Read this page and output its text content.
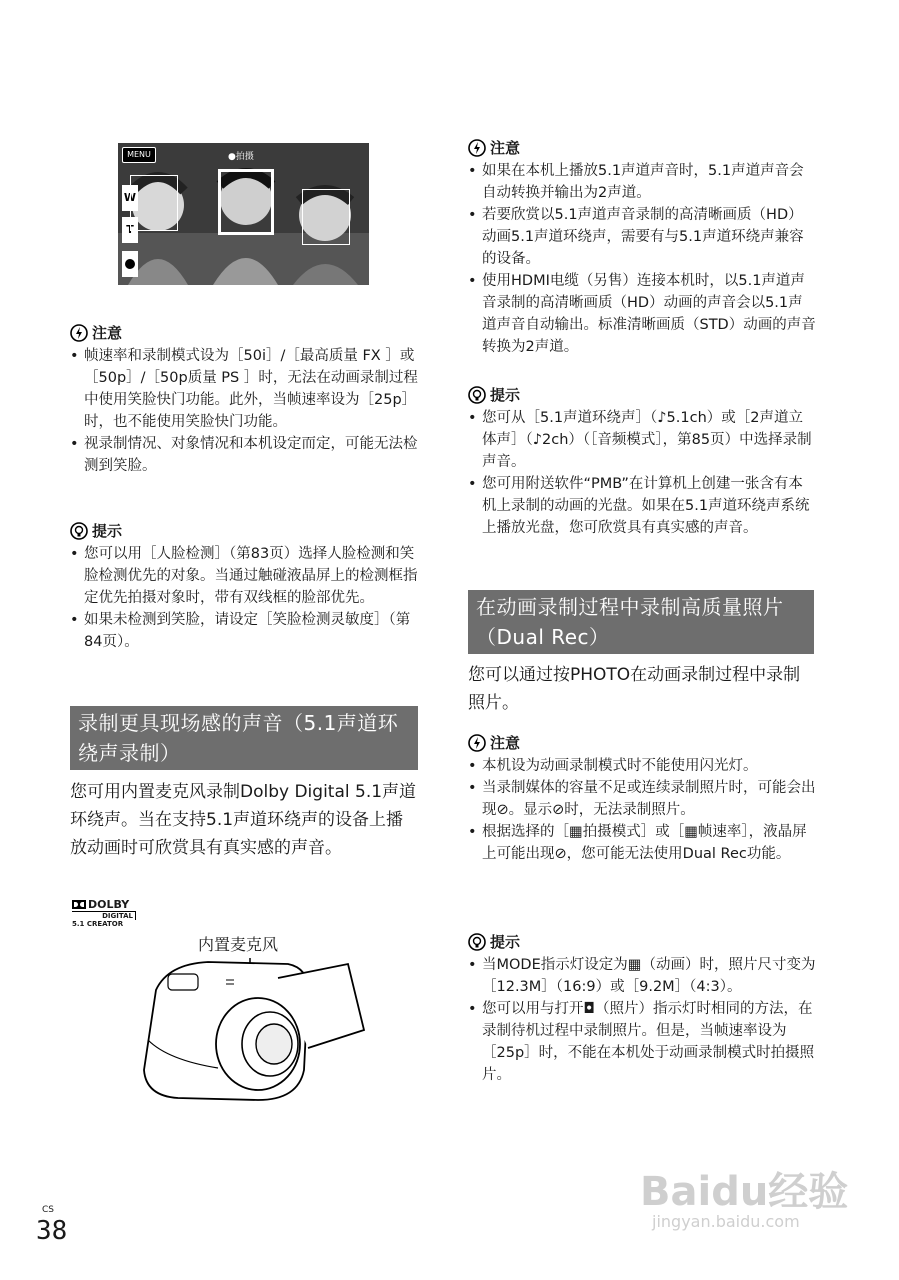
MENU	●拍摄
W
T
注意
• 帧速率和录制模式设为［50i］/［最高质量 FX ］或［50p］/［50p质量 PS ］时，无法在动画录制过程中使用笑脸快门功能。此外，当帧速率设为［25p］时，也不能使用笑脸快门功能。
• 视录制情况、对象情况和本机设定而定，可能无法检测到笑脸。
提示
• 您可以用［人脸检测］（第83页）选择人脸检测和笑脸检测优先的对象。当通过触碰液晶屏上的检测框指定优先拍摄对象时，带有双线框的脸部优先。
• 如果未检测到笑脸，请设定［笑脸检测灵敏度］（第84页）。
录制更具现场感的声音（5.1声道环绕声录制）
您可用内置麦克风录制Dolby Digital 5.1声道环绕声。当在支持5.1声道环绕声的设备上播放动画时可欣赏具有真实感的声音。
DOLBY
DIGITAL
5.1 CREATOR
内置麦克风
注意
• 如果在本机上播放5.1声道声音时，5.1声道声音会自动转换并输出为2声道。
• 若要欣赏以5.1声道声音录制的高清晰画质（HD）动画5.1声道环绕声，需要有与5.1声道环绕声兼容的设备。
• 使用HDMI电缆（另售）连接本机时，以5.1声道声音录制的高清晰画质（HD）动画的声音会以5.1声道声音自动输出。标准清晰画质（STD）动画的声音转换为2声道。
提示
• 您可从［5.1声道环绕声］（♪5.1ch）或［2声道立体声］（♪2ch）（［音频模式］，第85页）中选择录制声音。
• 您可用附送软件“PMB”在计算机上创建一张含有本机上录制的动画的光盘。如果在5.1声道环绕声系统上播放光盘，您可欣赏具有真实感的声音。
在动画录制过程中录制高质量照片（Dual Rec）
您可以通过按PHOTO在动画录制过程中录制照片。
注意
• 本机设为动画录制模式时不能使用闪光灯。
• 当录制媒体的容量不足或连续录制照片时，可能会出现⊘。显示⊘时，无法录制照片。
• 根据选择的［▦拍摄模式］或［▦帧速率］，液晶屏上可能出现⊘，您可能无法使用Dual Rec功能。
提示
• 当MODE指示灯设定为▦（动画）时，照片尺寸变为［12.3M］（16:9）或［9.2M］（4:3）。
• 您可以用与打开◘（照片）指示灯时相同的方法，在录制待机过程中录制照片。但是，当帧速率设为［25p］时，不能在本机处于动画录制模式时拍摄照片。
CS
38
Baidu经验
jingyan.baidu.com
